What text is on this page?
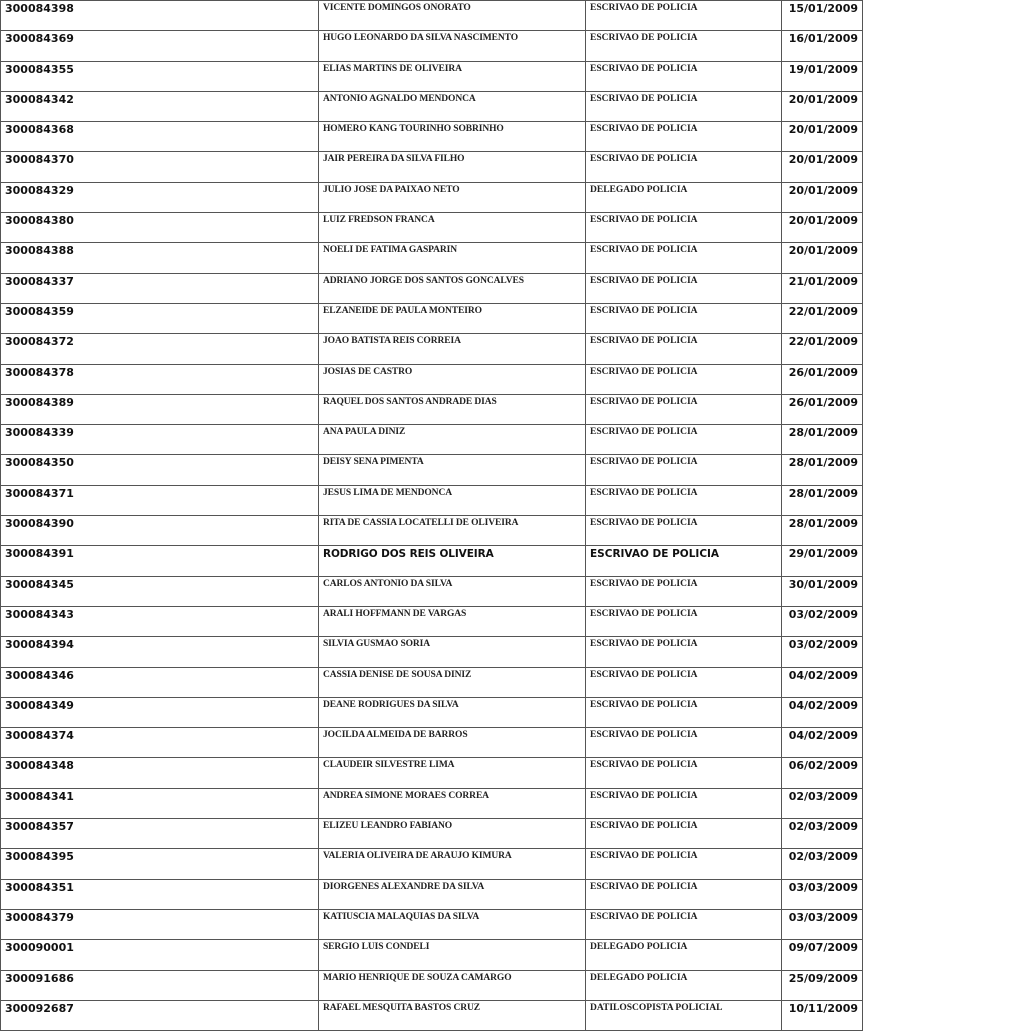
300084398	VICENTE DOMINGOS ONORATO	ESCRIVAO DE POLICIA	15/01/2009
300084369	HUGO LEONARDO DA SILVA NASCIMENTO	ESCRIVAO DE POLICIA	16/01/2009
300084355	ELIAS MARTINS DE OLIVEIRA	ESCRIVAO DE POLICIA	19/01/2009
300084342	ANTONIO AGNALDO MENDONCA	ESCRIVAO DE POLICIA	20/01/2009
300084368	HOMERO KANG TOURINHO SOBRINHO	ESCRIVAO DE POLICIA	20/01/2009
300084370	JAIR PEREIRA DA SILVA FILHO	ESCRIVAO DE POLICIA	20/01/2009
300084329	JULIO JOSE DA PAIXAO NETO	DELEGADO POLICIA	20/01/2009
300084380	LUIZ FREDSON FRANCA	ESCRIVAO DE POLICIA	20/01/2009
300084388	NOELI DE FATIMA GASPARIN	ESCRIVAO DE POLICIA	20/01/2009
300084337	ADRIANO JORGE DOS SANTOS GONCALVES	ESCRIVAO DE POLICIA	21/01/2009
300084359	ELZANEIDE DE PAULA MONTEIRO	ESCRIVAO DE POLICIA	22/01/2009
300084372	JOAO BATISTA REIS CORREIA	ESCRIVAO DE POLICIA	22/01/2009
300084378	JOSIAS DE CASTRO	ESCRIVAO DE POLICIA	26/01/2009
300084389	RAQUEL DOS SANTOS ANDRADE DIAS	ESCRIVAO DE POLICIA	26/01/2009
300084339	ANA PAULA DINIZ	ESCRIVAO DE POLICIA	28/01/2009
300084350	DEISY SENA PIMENTA	ESCRIVAO DE POLICIA	28/01/2009
300084371	JESUS LIMA DE MENDONCA	ESCRIVAO DE POLICIA	28/01/2009
300084390	RITA DE CASSIA LOCATELLI DE OLIVEIRA	ESCRIVAO DE POLICIA	28/01/2009
300084391	RODRIGO DOS REIS OLIVEIRA	ESCRIVAO DE POLICIA	29/01/2009
300084345	CARLOS ANTONIO DA SILVA	ESCRIVAO DE POLICIA	30/01/2009
300084343	ARALI HOFFMANN DE VARGAS	ESCRIVAO DE POLICIA	03/02/2009
300084394	SILVIA GUSMAO SORIA	ESCRIVAO DE POLICIA	03/02/2009
300084346	CASSIA DENISE DE SOUSA DINIZ	ESCRIVAO DE POLICIA	04/02/2009
300084349	DEANE RODRIGUES DA SILVA	ESCRIVAO DE POLICIA	04/02/2009
300084374	JOCILDA ALMEIDA DE BARROS	ESCRIVAO DE POLICIA	04/02/2009
300084348	CLAUDEIR SILVESTRE LIMA	ESCRIVAO DE POLICIA	06/02/2009
300084341	ANDREA SIMONE MORAES CORREA	ESCRIVAO DE POLICIA	02/03/2009
300084357	ELIZEU LEANDRO FABIANO	ESCRIVAO DE POLICIA	02/03/2009
300084395	VALERIA OLIVEIRA DE ARAUJO KIMURA	ESCRIVAO DE POLICIA	02/03/2009
300084351	DIORGENES ALEXANDRE DA SILVA	ESCRIVAO DE POLICIA	03/03/2009
300084379	KATIUSCIA MALAQUIAS DA SILVA	ESCRIVAO DE POLICIA	03/03/2009
300090001	SERGIO LUIS CONDELI	DELEGADO POLICIA	09/07/2009
300091686	MARIO HENRIQUE DE SOUZA CAMARGO	DELEGADO POLICIA	25/09/2009
300092687	RAFAEL MESQUITA BASTOS CRUZ	DATILOSCOPISTA POLICIAL	10/11/2009
